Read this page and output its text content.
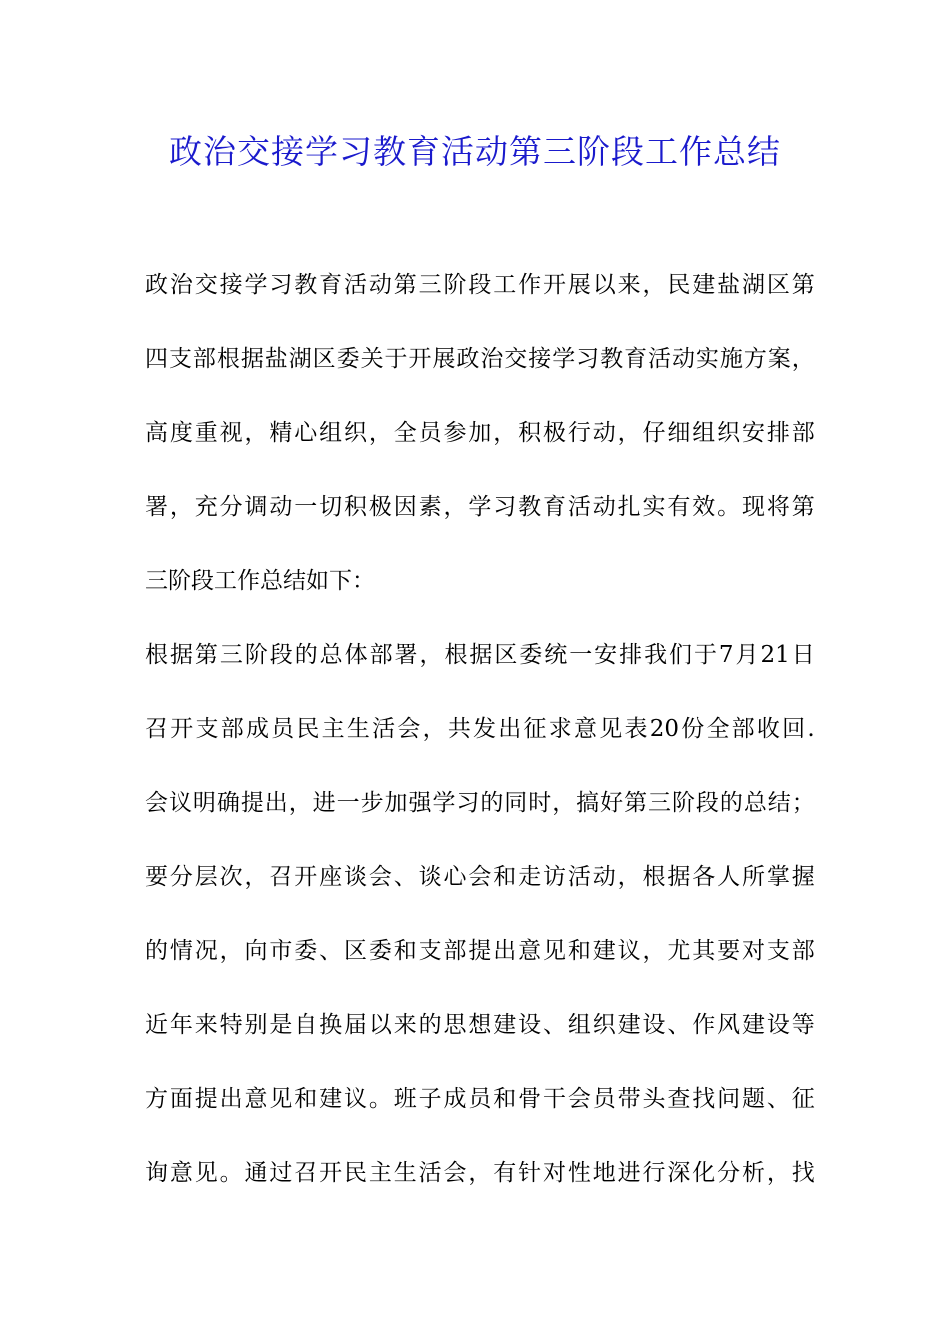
政治交接学习教育活动第三阶段工作总结
政 治 交 接 学 习 教 育 活 动 第 三 阶 段 工 作 开 展 以 来 ， 民 建 盐 湖 区 第
四 支 部 根 据 盐 湖 区 委 关 于 开 展 政 治 交 接 学 习 教 育 活 动 实 施 方 案 ，
高 度 重 视 ， 精 心 组 织 ， 全 员 参 加 ， 积 极 行 动 ， 仔 细 组 织 安 排 部
署 ， 充 分 调 动 一 切 积 极 因 素 ， 学 习 教 育 活 动 扎 实 有 效 。 现 将 第
三阶段工作总结如下：
根 据 第 三 阶 段 的 总 体 部 署 ， 根 据 区 委 统 一 安 排 我 们 于 7 月 21 日
召 开 支 部 成 员 民 主 生 活 会 ， 共 发 出 征 求 意 见 表 20 份 全 部 收 回 .
会 议 明 确 提 出 ， 进 一 步 加 强 学 习 的 同 时 ， 搞 好 第 三 阶 段 的 总 结 ；
要 分 层 次 ， 召 开 座 谈 会 、 谈 心 会 和 走 访 活 动 ， 根 据 各 人 所 掌 握
的 情 况 ， 向 市 委 、 区 委 和 支 部 提 出 意 见 和 建 议 ， 尤 其 要 对 支 部
近 年 来 特 别 是 自 换 届 以 来 的 思 想 建 设 、 组 织 建 设 、 作 风 建 设 等
方 面 提 出 意 见 和 建 议 。 班 子 成 员 和 骨 干 会 员 带 头 查 找 问 题 、 征
询 意 见 。 通 过 召 开 民 主 生 活 会 ， 有 针 对 性 地 进 行 深 化 分 析 ， 找
